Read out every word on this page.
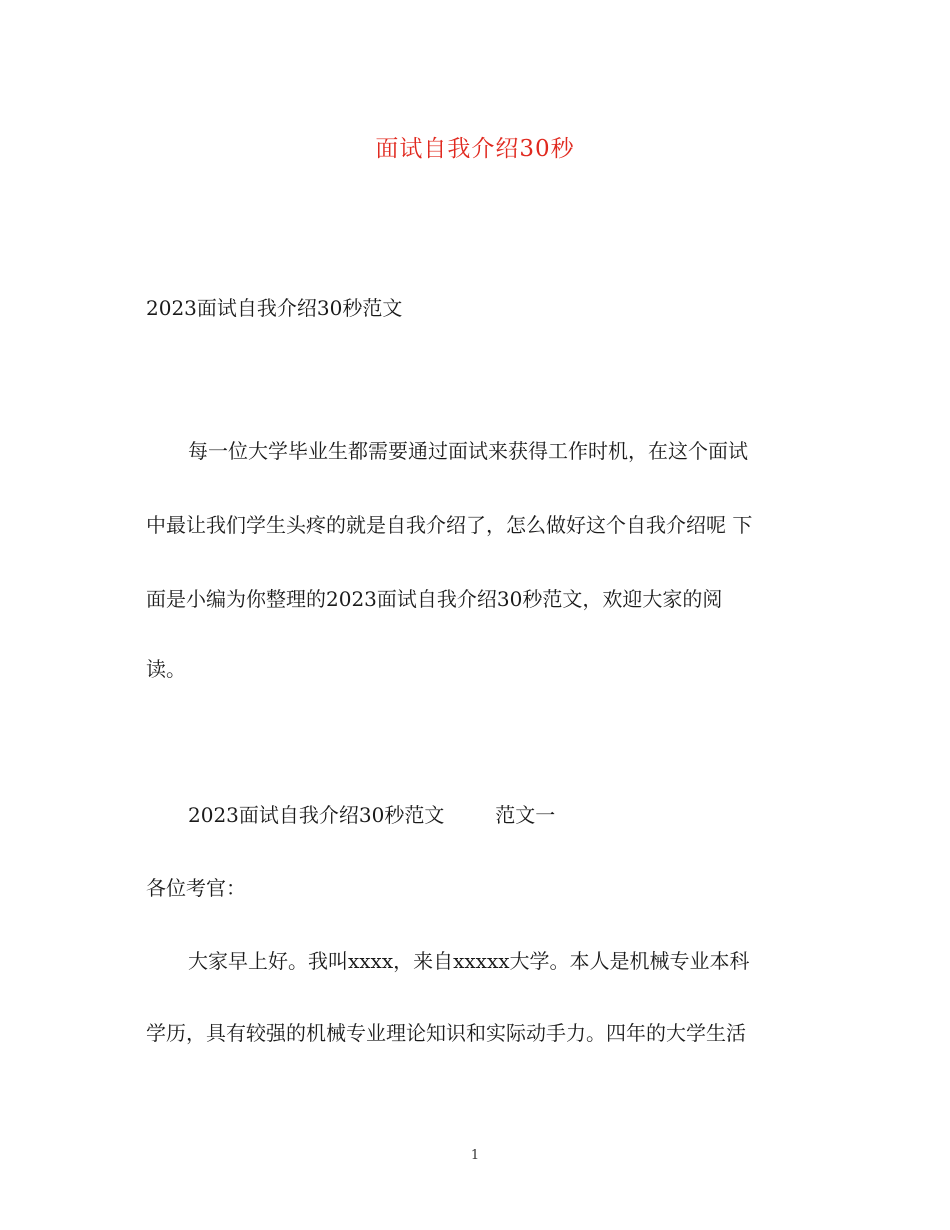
面试自我介绍30秒
2023面试自我介绍30秒范文
每一位大学毕业生都需要通过面试来获得工作时机，在这个面试
中最让我们学生头疼的就是自我介绍了，怎么做好这个自我介绍呢 下
面是小编为你整理的2023面试自我介绍30秒范文，欢迎大家的阅
读。
2023面试自我介绍30秒范文        范文一
各位考官：
大家早上好。我叫xxxx，来自xxxxx大学。本人是机械专业本科
学历，具有较强的机械专业理论知识和实际动手力。四年的大学生活
1
